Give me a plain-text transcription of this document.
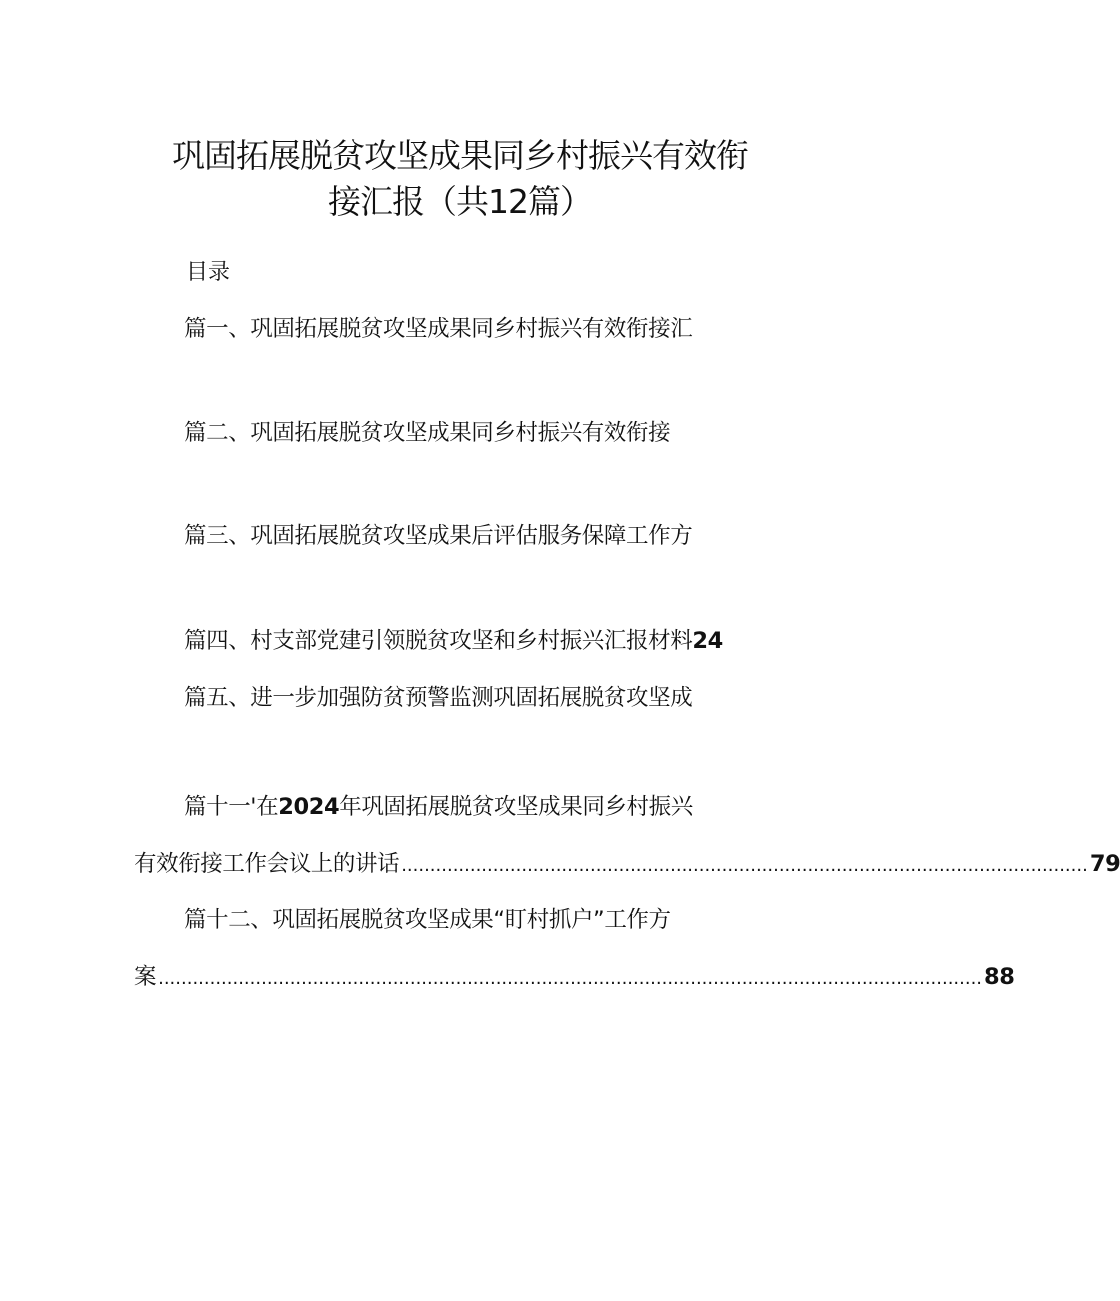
巩固拓展脱贫攻坚成果同乡村振兴有效衔
接汇报（共12篇）
目录
篇一、巩固拓展脱贫攻坚成果同乡村振兴有效衔接汇
篇二、巩固拓展脱贫攻坚成果同乡村振兴有效衔接
篇三、巩固拓展脱贫攻坚成果后评估服务保障工作方
篇四、村支部党建引领脱贫攻坚和乡村振兴汇报材料24
篇五、进一步加强防贫预警监测巩固拓展脱贫攻坚成
篇十一'在2024年巩固拓展脱贫攻坚成果同乡村振兴
有效衔接工作会议上的讲话 ........................................................................................................................ 79
篇十二、巩固拓展脱贫攻坚成果“盯村抓户”工作方
案 ................................................................................................................................................ 88
